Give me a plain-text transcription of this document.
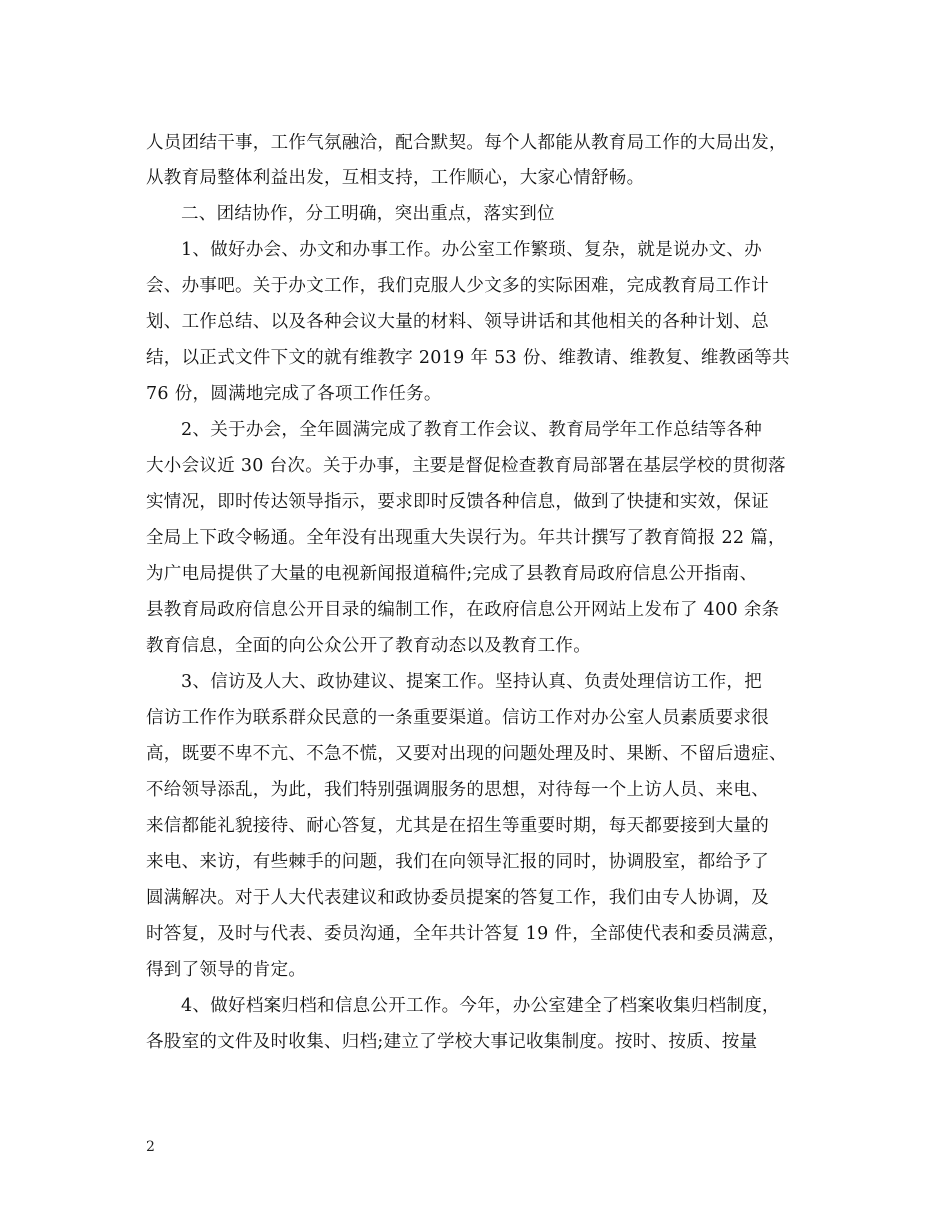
人员团结干事，工作气氛融洽，配合默契。每个人都能从教育局工作的大局出发，
从教育局整体利益出发，互相支持，工作顺心，大家心情舒畅。
二、团结协作，分工明确，突出重点，落实到位
1、做好办会、办文和办事工作。办公室工作繁琐、复杂，就是说办文、办
会、办事吧。关于办文工作，我们克服人少文多的实际困难，完成教育局工作计
划、工作总结、以及各种会议大量的材料、领导讲话和其他相关的各种计划、总
结，以正式文件下文的就有维教字 2019 年 53 份、维教请、维教复、维教函等共
76 份，圆满地完成了各项工作任务。
2、关于办会，全年圆满完成了教育工作会议、教育局学年工作总结等各种
大小会议近 30 台次。关于办事，主要是督促检查教育局部署在基层学校的贯彻落
实情况，即时传达领导指示，要求即时反馈各种信息，做到了快捷和实效，保证
全局上下政令畅通。全年没有出现重大失误行为。年共计撰写了教育简报 22 篇，
为广电局提供了大量的电视新闻报道稿件;完成了县教育局政府信息公开指南、
县教育局政府信息公开目录的编制工作，在政府信息公开网站上发布了 400 余条
教育信息，全面的向公众公开了教育动态以及教育工作。
3、信访及人大、政协建议、提案工作。坚持认真、负责处理信访工作，把
信访工作作为联系群众民意的一条重要渠道。信访工作对办公室人员素质要求很
高，既要不卑不亢、不急不慌，又要对出现的问题处理及时、果断、不留后遗症、
不给领导添乱，为此，我们特别强调服务的思想，对待每一个上访人员、来电、
来信都能礼貌接待、耐心答复，尤其是在招生等重要时期，每天都要接到大量的
来电、来访，有些棘手的问题，我们在向领导汇报的同时，协调股室，都给予了
圆满解决。对于人大代表建议和政协委员提案的答复工作，我们由专人协调，及
时答复，及时与代表、委员沟通，全年共计答复 19 件，全部使代表和委员满意，
得到了领导的肯定。
4、做好档案归档和信息公开工作。今年，办公室建全了档案收集归档制度，
各股室的文件及时收集、归档;建立了学校大事记收集制度。按时、按质、按量
2
